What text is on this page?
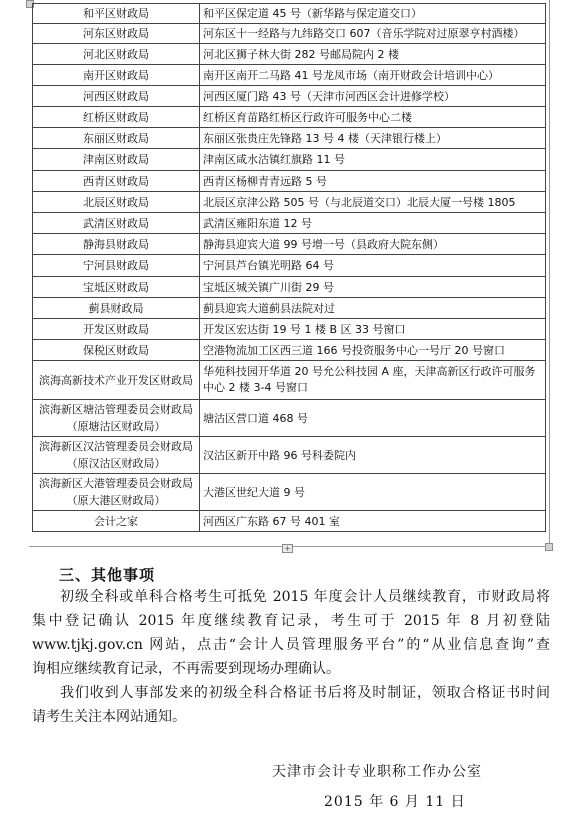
+
和平区财政局	和平区保定道 45 号（新华路与保定道交口）
河东区财政局	河东区十一经路与九纬路交口 607（音乐学院对过原翠亨村酒楼）
河北区财政局	河北区狮子林大街 282 号邮局院内 2 楼
南开区财政局	南开区南开二马路 41 号龙凤市场（南开财政会计培训中心）
河西区财政局	河西区厦门路 43 号（天津市河西区会计进修学校）
红桥区财政局	红桥区育苗路红桥区行政许可服务中心二楼
东丽区财政局	东丽区张贵庄先锋路 13 号 4 楼（天津银行楼上）
津南区财政局	津南区咸水沽镇红旗路 11 号
西青区财政局	西青区杨柳青青远路 5 号
北辰区财政局	北辰区京津公路 505 号（与北辰道交口）北辰大厦一号楼 1805
武清区财政局	武清区雍阳东道 12 号
静海县财政局	静海县迎宾大道 99 号增一号（县政府大院东侧）
宁河县财政局	宁河县芦台镇光明路 64 号
宝坻区财政局	宝坻区城关镇广川街 29 号
蓟县财政局	蓟县迎宾大道蓟县法院对过
开发区财政局	开发区宏达街 19 号 1 楼 B 区 33 号窗口
保税区财政局	空港物流加工区西三道 166 号投资服务中心一号厅 20 号窗口
滨海高新技术产业开发区财政局	华苑科技园开华道 20 号允公科技园 A 座，天津高新区行政许可服务中心 2 楼 3-4 号窗口
滨海新区塘沽管理委员会财政局（原塘沽区财政局）	塘沽区营口道 468 号
滨海新区汉沽管理委员会财政局（原汉沽区财政局）	汉沽区新开中路 96 号科委院内
滨海新区大港管理委员会财政局（原大港区财政局）	大港区世纪大道 9 号
会计之家	河西区广东路 67 号 401 室
三、其他事项
初级全科或单科合格考生可抵免 2015 年度会计人员继续教育，市财政局将
集中登记确认 2015 年度继续教育记录，考生可于 2015 年 8 月初登陆
www.tjkj.gov.cn 网站，点击“会计人员管理服务平台”的“从业信息查询”查
询相应继续教育记录，不再需要到现场办理确认。
我们收到人事部发来的初级全科合格证书后将及时制证，领取合格证书时间
请考生关注本网站通知。
天津市会计专业职称工作办公室
2015 年 6 月 11 日
